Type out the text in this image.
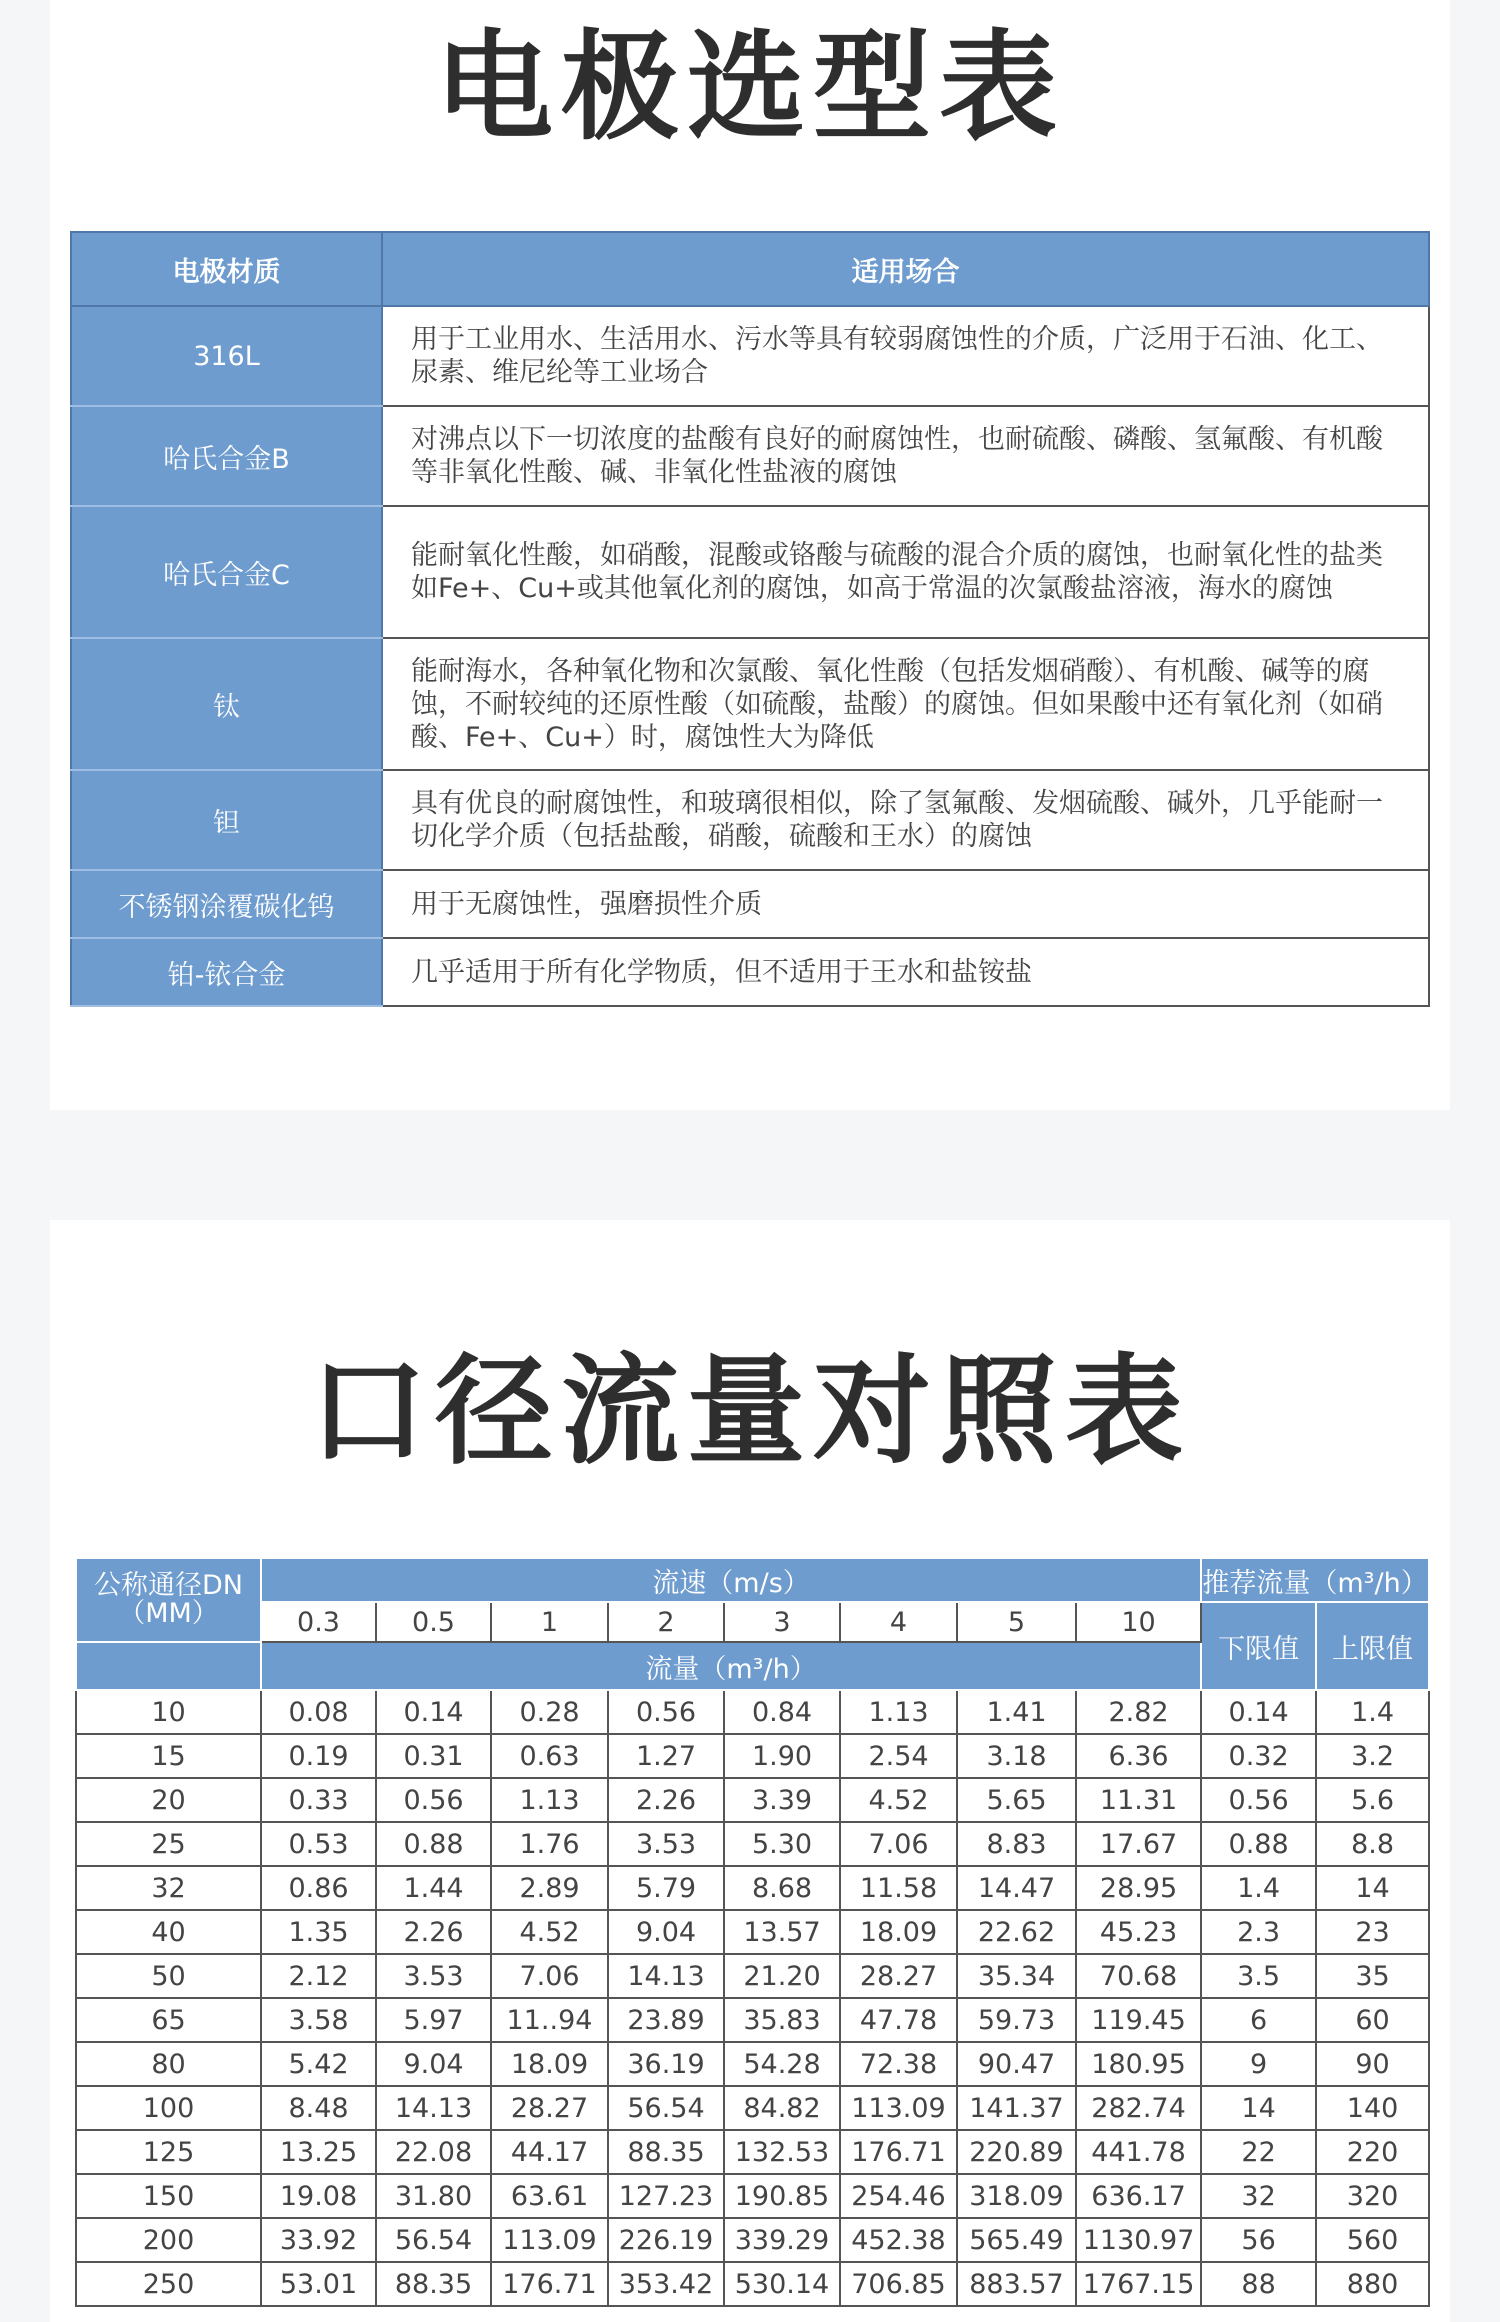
电极选型表
电极材质	适用场合
316L	用于工业用水、生活用水、污水等具有较弱腐蚀性的介质，广泛用于石油、化工、尿素、维尼纶等工业场合
哈氏合金B	对沸点以下一切浓度的盐酸有良好的耐腐蚀性，也耐硫酸、磷酸、氢氟酸、有机酸等非氧化性酸、碱、非氧化性盐液的腐蚀
哈氏合金C	能耐氧化性酸，如硝酸，混酸或铬酸与硫酸的混合介质的腐蚀，也耐氧化性的盐类如Fe+、Cu+或其他氧化剂的腐蚀，如高于常温的次氯酸盐溶液，海水的腐蚀
钛	能耐海水，各种氧化物和次氯酸、氧化性酸（包括发烟硝酸）、有机酸、碱等的腐蚀，不耐较纯的还原性酸（如硫酸，盐酸）的腐蚀。但如果酸中还有氧化剂（如硝酸、Fe+、Cu+）时，腐蚀性大为降低
钽	具有优良的耐腐蚀性，和玻璃很相似，除了氢氟酸、发烟硫酸、碱外，几乎能耐一切化学介质（包括盐酸，硝酸，硫酸和王水）的腐蚀
不锈钢涂覆碳化钨	用于无腐蚀性，强磨损性介质
铂-铱合金	几乎适用于所有化学物质，但不适用于王水和盐铵盐
口径流量对照表
公称通径DN
（MM）	流速（m/s）								推荐流量（m³/h）	
	0.3	0.5	1	2	3	4	5	10	下限值	上限值
	流量（m³/h）									
10	0.08	0.14	0.28	0.56	0.84	1.13	1.41	2.82	0.14	1.4
15	0.19	0.31	0.63	1.27	1.90	2.54	3.18	6.36	0.32	3.2
20	0.33	0.56	1.13	2.26	3.39	4.52	5.65	11.31	0.56	5.6
25	0.53	0.88	1.76	3.53	5.30	7.06	8.83	17.67	0.88	8.8
32	0.86	1.44	2.89	5.79	8.68	11.58	14.47	28.95	1.4	14
40	1.35	2.26	4.52	9.04	13.57	18.09	22.62	45.23	2.3	23
50	2.12	3.53	7.06	14.13	21.20	28.27	35.34	70.68	3.5	35
65	3.58	5.97	11..94	23.89	35.83	47.78	59.73	119.45	6	60
80	5.42	9.04	18.09	36.19	54.28	72.38	90.47	180.95	9	90
100	8.48	14.13	28.27	56.54	84.82	113.09	141.37	282.74	14	140
125	13.25	22.08	44.17	88.35	132.53	176.71	220.89	441.78	22	220
150	19.08	31.80	63.61	127.23	190.85	254.46	318.09	636.17	32	320
200	33.92	56.54	113.09	226.19	339.29	452.38	565.49	1130.97	56	560
250	53.01	88.35	176.71	353.42	530.14	706.85	883.57	1767.15	88	880
